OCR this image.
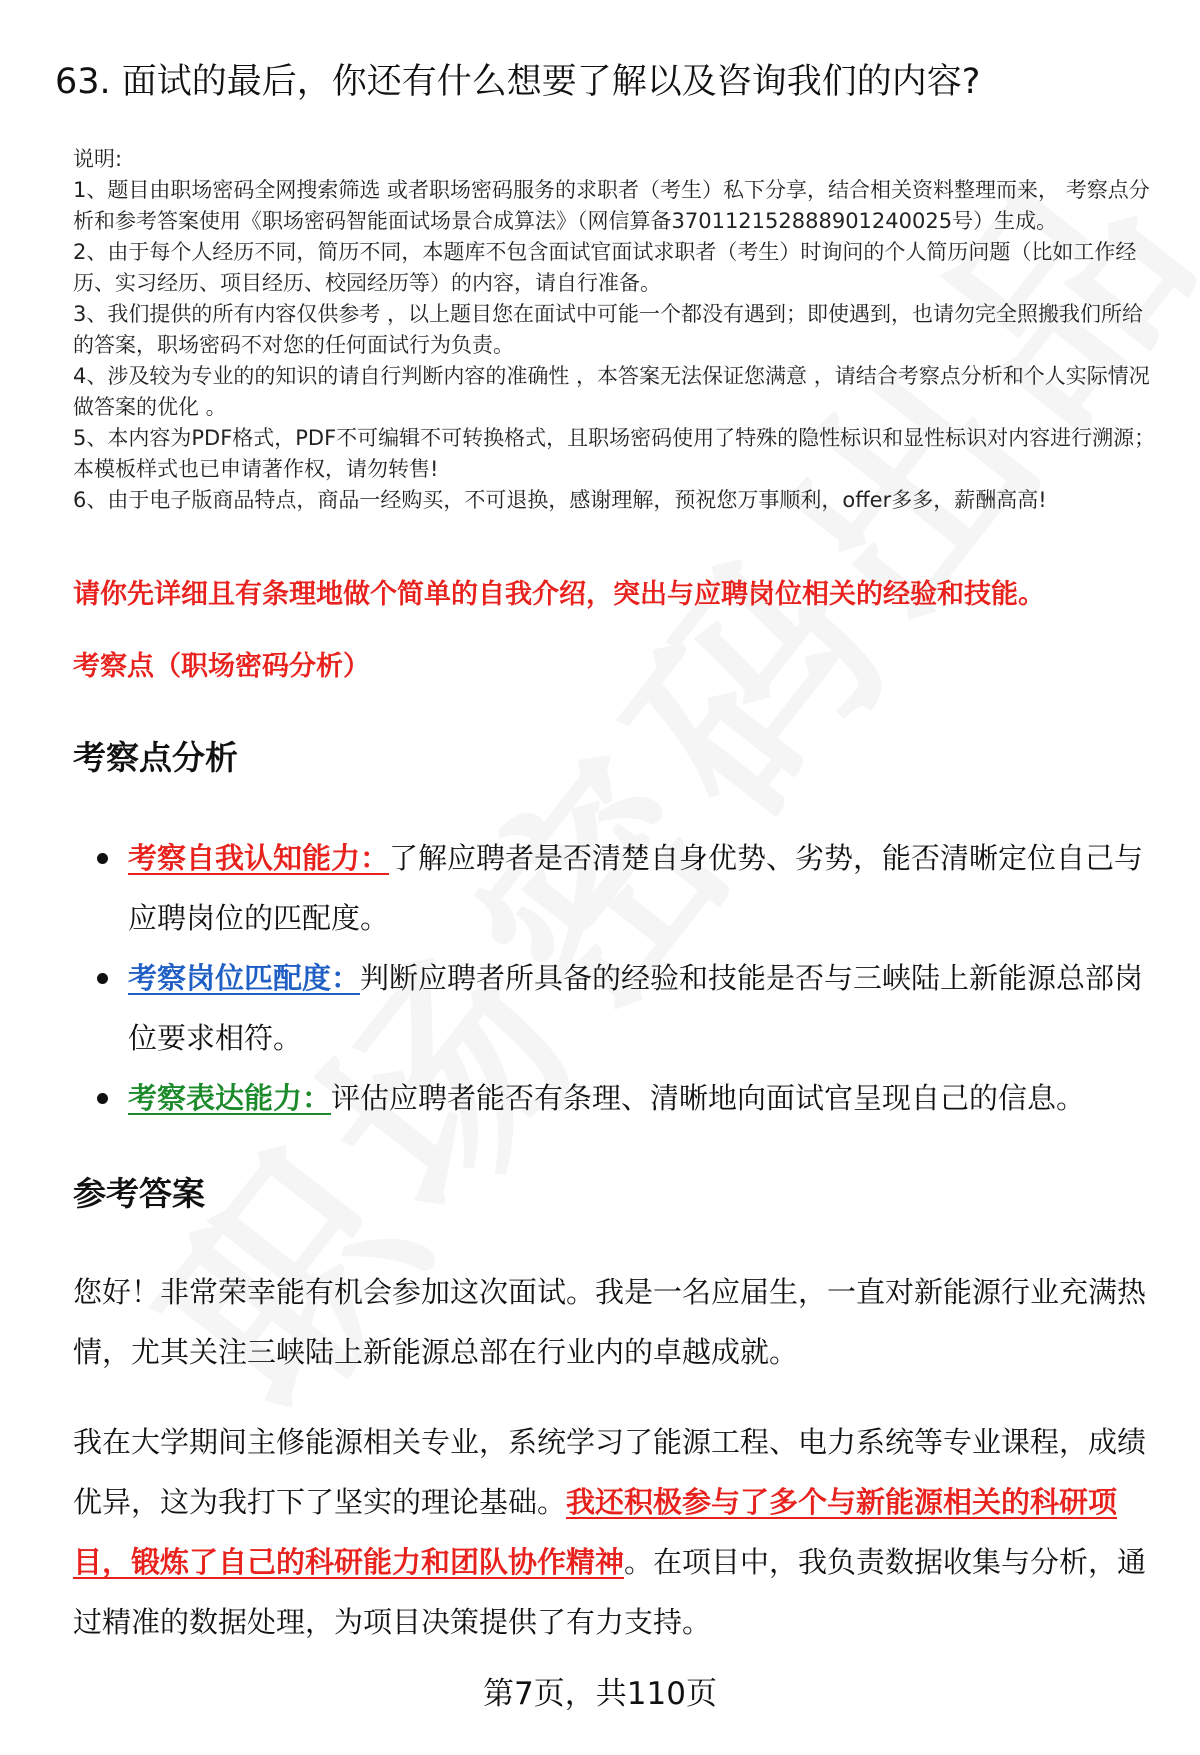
63. 面试的最后，你还有什么想要了解以及咨询我们的内容?

说明:

1、题目由职场密码全网搜索筛选 或者职场密码服务的求职者（考生）私下分享，结合相关资料整理而来， 考察点分析和参考答案使用《职场密码智能面试场景合成算法》（网信算备370112152888901240025号）生成。

2、由于每个人经历不同，简历不同，本题库不包含面试官面试求职者（考生）时询问的个人简历问题（比如工作经历、实习经历、项目经历、校园经历等）的内容，请自行准备。

3、我们提供的所有内容仅供参考 ，以上题目您在面试中可能一个都没有遇到；即使遇到，也请勿完全照搬我们所给的答案，职场密码不对您的任何面试行为负责。

4、涉及较为专业的的知识的请自行判断内容的准确性 ，本答案无法保证您满意 ，请结合考察点分析和个人实际情况做答案的优化 。

5、本内容为PDF格式，PDF不可编辑不可转换格式，且职场密码使用了特殊的隐性标识和显性标识对内容进行溯源；本模板样式也已申请著作权，请勿转售!

6、由于电子版商品特点，商品一经购买，不可退换，感谢理解，预祝您万事顺利，offer多多，薪酬高高!

请你先详细且有条理地做个简单的自我介绍，突出与应聘岗位相关的经验和技能。
考察点（职场密码分析）
考察点分析
考察自我认知能力：了解应聘者是否清楚自身优势、劣势，能否清晰定位自己与应聘岗位的匹配度。
考察岗位匹配度：判断应聘者所具备的经验和技能是否与三峡陆上新能源总部岗位要求相符。
考察表达能力：评估应聘者能否有条理、清晰地向面试官呈现自己的信息。
参考答案

您好！非常荣幸能有机会参加这次面试。我是一名应届生，一直对新能源行业充满热情，尤其关注三峡陆上新能源总部在行业内的卓越成就。

我在大学期间主修能源相关专业，系统学习了能源工程、电力系统等专业课程，成绩优异，这为我打下了坚实的理论基础。我还积极参与了多个与新能源相关的科研项目，锻炼了自己的科研能力和团队协作精神。在项目中，我负责数据收集与分析，通过精准的数据处理，为项目决策提供了有力支持。

第7页，共110页
